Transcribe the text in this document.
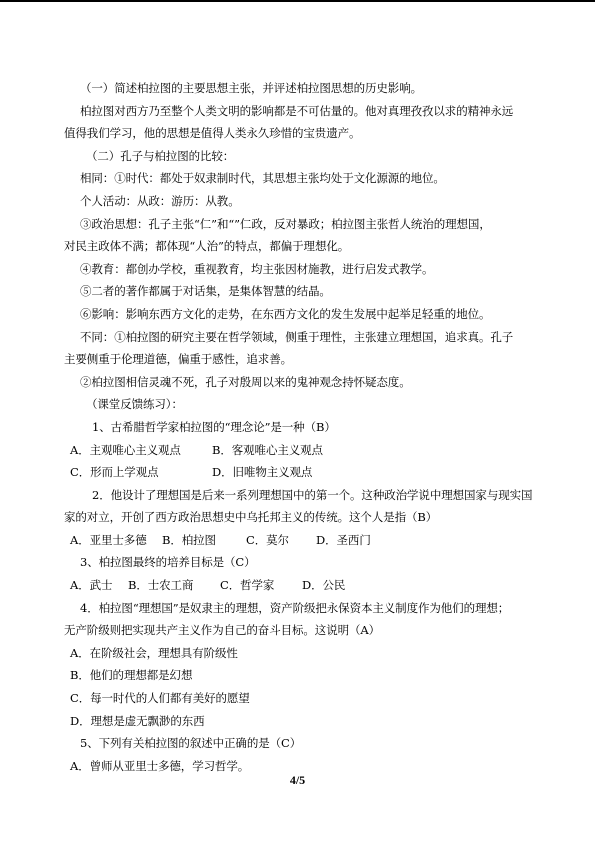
（一）简述柏拉图的主要思想主张，并评述柏拉图思想的历史影响。
柏拉图对西方乃至整个人类文明的影响都是不可估量的。他对真理孜孜以求的精神永远
值得我们学习，他的思想是值得人类永久珍惜的宝贵遗产。
（二）孔子与柏拉图的比较：
相同：①时代：都处于奴隶制时代，其思想主张均处于文化源源的地位。
个人活动：从政：游历：从教。
③政治思想：孔子主张“仁”和“”仁政，反对暴政；柏拉图主张哲人统治的理想国，
对民主政体不满；都体现“人治”的特点，都偏于理想化。
④教育：都创办学校，重视教育，均主张因材施教，进行启发式教学。
⑤二者的著作都属于对话集，是集体智慧的结晶。
⑥影响：影响东西方文化的走势，在东西方文化的发生发展中起举足轻重的地位。
不同：①柏拉图的研究主要在哲学领域，侧重于理性，主张建立理想国，追求真。孔子
主要侧重于伦理道德，偏重于感性，追求善。
②柏拉图相信灵魂不死，孔子对殷周以来的鬼神观念持怀疑态度。
（课堂反馈练习）：
1、古希腊哲学家柏拉图的“理念论”是一种（B）
A．主观唯心主义观点	B．客观唯心主义观点
C．形而上学观点	D．旧唯物主义观点
2．他设计了理想国是后来一系列理想国中的第一个。这种政治学说中理想国家与现实国
家的对立，开创了西方政治思想史中乌托邦主义的传统。这个人是指（B）
A．亚里士多德	B．柏拉图	C．莫尔	D．圣西门
3、柏拉图最终的培养目标是（C）
A．武士	B．士农工商	C．哲学家	D．公民
4．柏拉图“理想国”是奴隶主的理想，资产阶级把永保资本主义制度作为他们的理想；
无产阶级则把实现共产主义作为自己的奋斗目标。这说明（A）
A．在阶级社会，理想具有阶级性
B．他们的理想都是幻想
C．每一时代的人们都有美好的愿望
D．理想是虚无飘渺的东西
5、下列有关柏拉图的叙述中正确的是（C）
A．曾师从亚里士多德，学习哲学。
4/5
